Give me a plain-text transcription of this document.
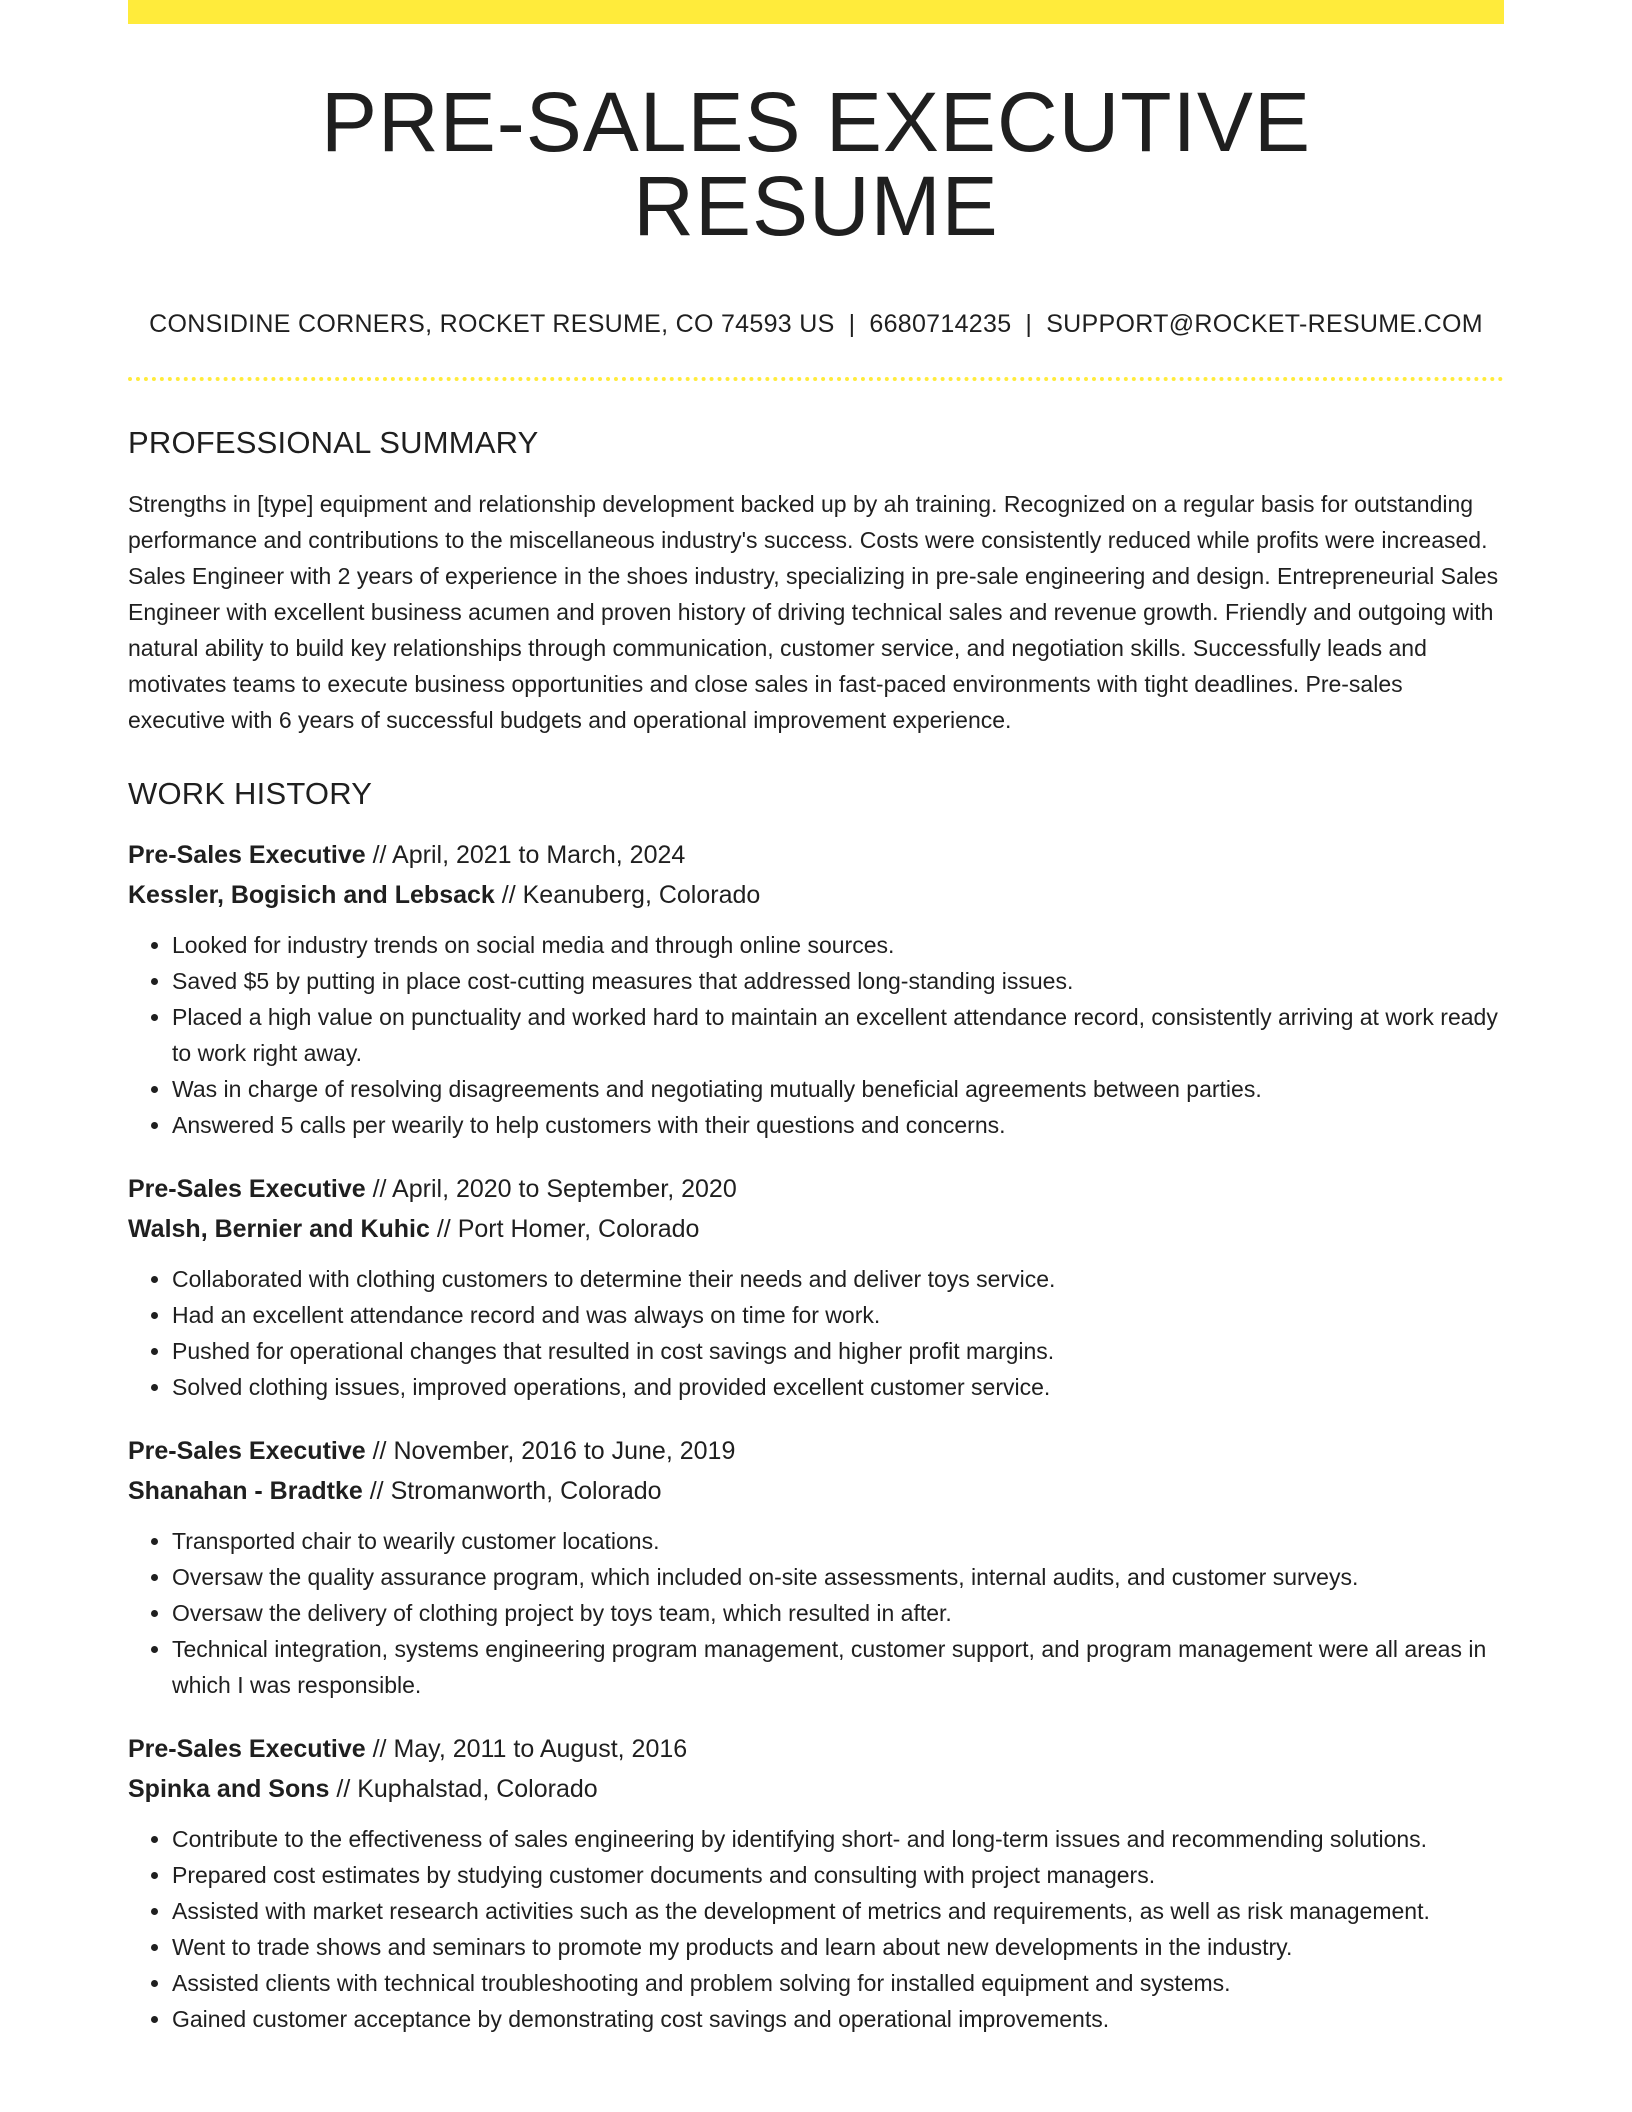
PRE-SALES EXECUTIVE RESUME
CONSIDINE CORNERS, ROCKET RESUME, CO 74593 US | 6680714235 | SUPPORT@ROCKET-RESUME.COM
PROFESSIONAL SUMMARY

Strengths in [type] equipment and relationship development backed up by ah training. Recognized on a regular basis for outstanding performance and contributions to the miscellaneous industry's success. Costs were consistently reduced while profits were increased. Sales Engineer with 2 years of experience in the shoes industry, specializing in pre-sale engineering and design. Entrepreneurial Sales Engineer with excellent business acumen and proven history of driving technical sales and revenue growth. Friendly and outgoing with natural ability to build key relationships through communication, customer service, and negotiation skills. Successfully leads and motivates teams to execute business opportunities and close sales in fast-paced environments with tight deadlines. Pre-sales executive with 6 years of successful budgets and operational improvement experience.

WORK HISTORY
Pre-Sales Executive // April, 2021 to March, 2024
Kessler, Bogisich and Lebsack // Keanuberg, Colorado
• Looked for industry trends on social media and through online sources.
• Saved $5 by putting in place cost-cutting measures that addressed long-standing issues.
• Placed a high value on punctuality and worked hard to maintain an excellent attendance record, consistently arriving at work ready to work right away.
• Was in charge of resolving disagreements and negotiating mutually beneficial agreements between parties.
• Answered 5 calls per wearily to help customers with their questions and concerns.
Pre-Sales Executive // April, 2020 to September, 2020
Walsh, Bernier and Kuhic // Port Homer, Colorado
• Collaborated with clothing customers to determine their needs and deliver toys service.
• Had an excellent attendance record and was always on time for work.
• Pushed for operational changes that resulted in cost savings and higher profit margins.
• Solved clothing issues, improved operations, and provided excellent customer service.
Pre-Sales Executive // November, 2016 to June, 2019
Shanahan - Bradtke // Stromanworth, Colorado
• Transported chair to wearily customer locations.
• Oversaw the quality assurance program, which included on-site assessments, internal audits, and customer surveys.
• Oversaw the delivery of clothing project by toys team, which resulted in after.
• Technical integration, systems engineering program management, customer support, and program management were all areas in which I was responsible.
Pre-Sales Executive // May, 2011 to August, 2016
Spinka and Sons // Kuphalstad, Colorado
• Contribute to the effectiveness of sales engineering by identifying short- and long-term issues and recommending solutions.
• Prepared cost estimates by studying customer documents and consulting with project managers.
• Assisted with market research activities such as the development of metrics and requirements, as well as risk management.
• Went to trade shows and seminars to promote my products and learn about new developments in the industry.
• Assisted clients with technical troubleshooting and problem solving for installed equipment and systems.
• Gained customer acceptance by demonstrating cost savings and operational improvements.
